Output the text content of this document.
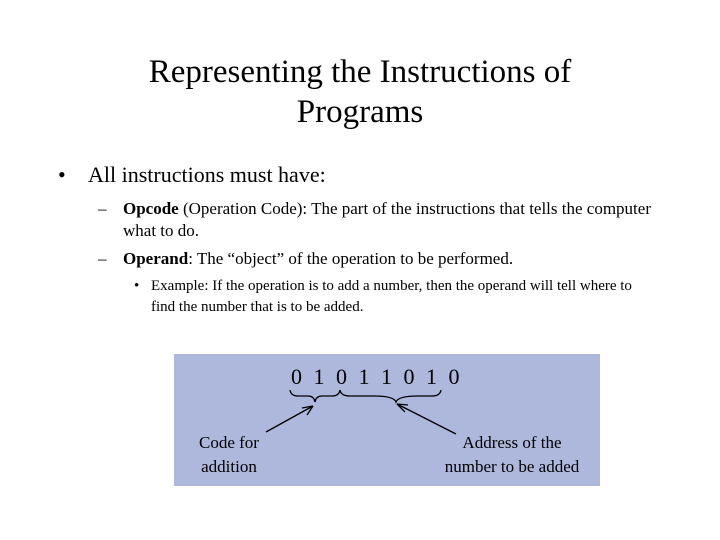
Representing the Instructions of
Programs
• All instructions must have:
– Opcode (Operation Code): The part of the instructions that tells the computer what to do.
– Operand: The “object” of the operation to be performed.
• Example: If the operation is to add a number, then the operand will tell where to find the number that is to be added.
0 1 0 1 1 0 1 0
Code for
addition
Address of the
number to be added
